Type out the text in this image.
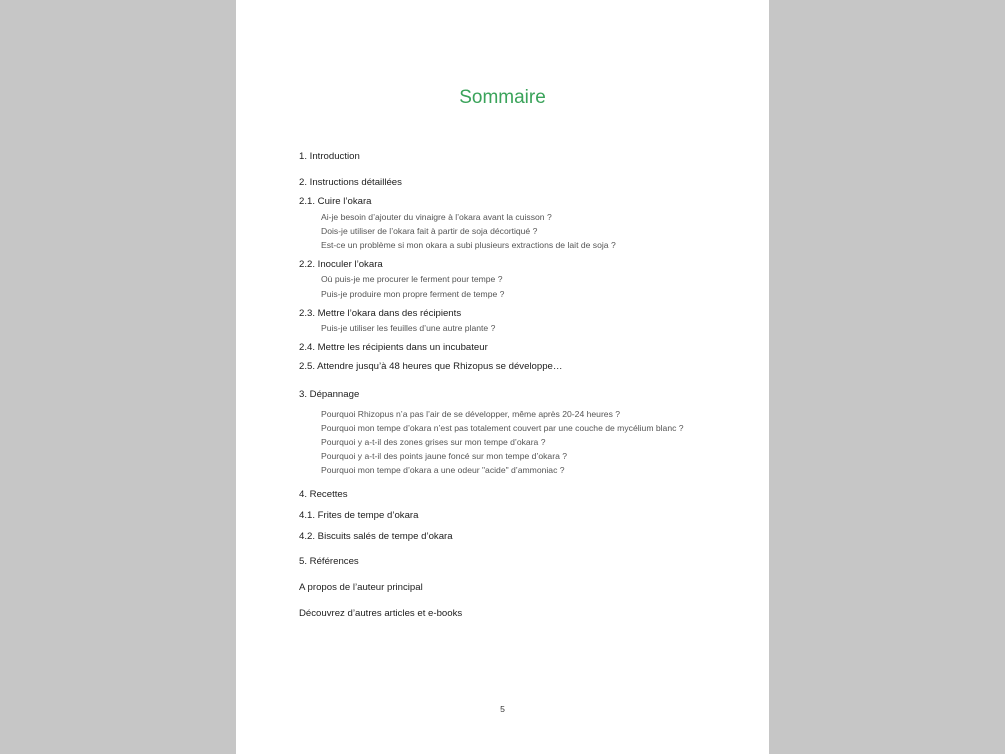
Sommaire
1. Introduction
2. Instructions détaillées
2.1. Cuire l’okara
Ai-je besoin d’ajouter du vinaigre à l’okara avant la cuisson ?
Dois-je utiliser de l’okara fait à partir de soja décortiqué ?
Est-ce un problème si mon okara a subi plusieurs extractions de lait de soja ?
2.2. Inoculer l’okara
Où puis-je me procurer le ferment pour tempe ?
Puis-je produire mon propre ferment de tempe ?
2.3. Mettre l’okara dans des récipients
Puis-je utiliser les feuilles d’une autre plante ?
2.4. Mettre les récipients dans un incubateur
2.5. Attendre jusqu’à 48 heures que Rhizopus se développe…
3. Dépannage
Pourquoi Rhizopus n’a pas l’air de se développer, même après 20-24 heures ?
Pourquoi mon tempe d’okara n’est pas totalement couvert par une couche de mycélium blanc ?
Pourquoi y a-t-il des zones grises sur mon tempe d’okara ?
Pourquoi y a-t-il des points jaune foncé sur mon tempe d’okara ?
Pourquoi mon tempe d’okara a une odeur "acide" d’ammoniac ?
4. Recettes
4.1. Frites de tempe d’okara
4.2. Biscuits salés de tempe d’okara
5. Références
A propos de l’auteur principal
Découvrez d’autres articles et e-books
5
